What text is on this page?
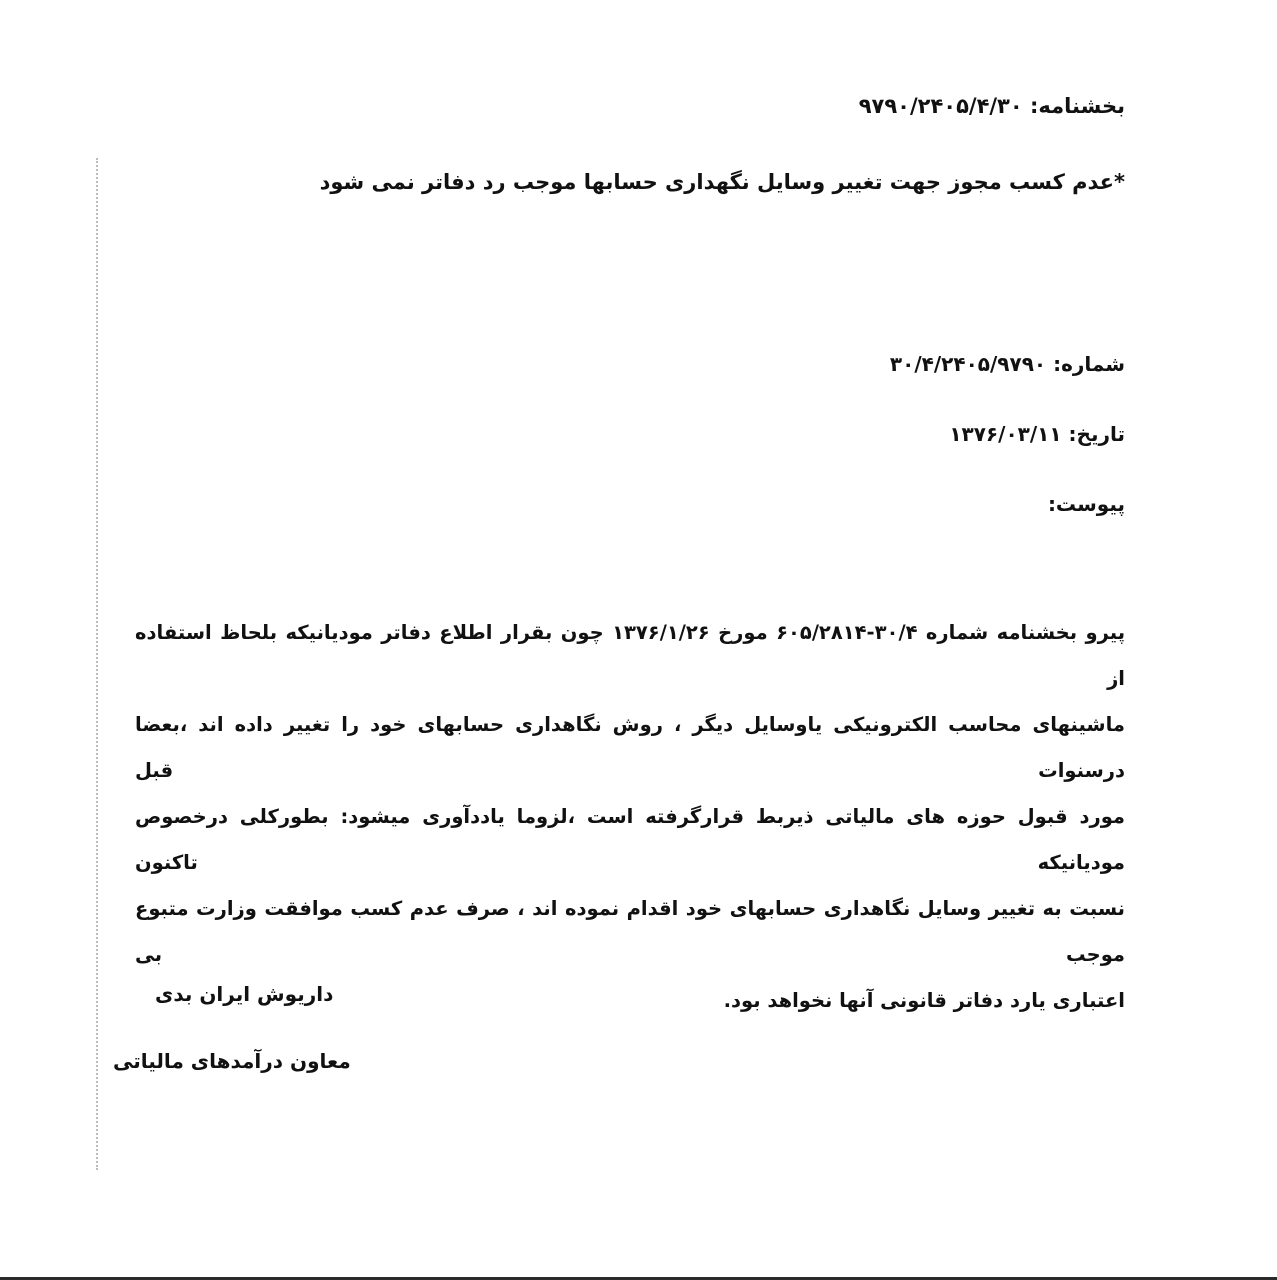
بخشنامه: ۹۷۹۰/۲۴۰۵/۴/۳۰
*عدم کسب مجوز جهت تغییر وسایل نگهداری حسابها موجب رد دفاتر نمی شود
شماره: ۳۰/۴/۲۴۰۵/۹۷۹۰
تاریخ: ۱۳۷۶/۰۳/۱۱
پیوست:
پیرو بخشنامه شماره ۳۰/۴-۶۰۵/۲۸۱۴ مورخ ۱۳۷۶/۱/۲۶ چون بقرار اطلاع دفاتر مودیانیکه بلحاظ استفاده از
ماشینهای محاسب الکترونیکی یاوسایل دیگر ، روش نگاهداری حسابهای خود را تغییر داده اند ،بعضا درسنوات قبل
مورد قبول حوزه های مالیاتی ذیربط قرارگرفته است ،لزوما یاددآوری میشود: بطورکلی درخصوص مودیانیکه تاکنون
نسبت به تغییر وسایل نگاهداری حسابهای خود اقدام نموده اند ، صرف عدم کسب موافقت وزارت متبوع موجب بی
اعتباری یارد دفاتر قانونی آنها نخواهد بود.
داریوش ایران بدی
معاون درآمدهای مالیاتی
